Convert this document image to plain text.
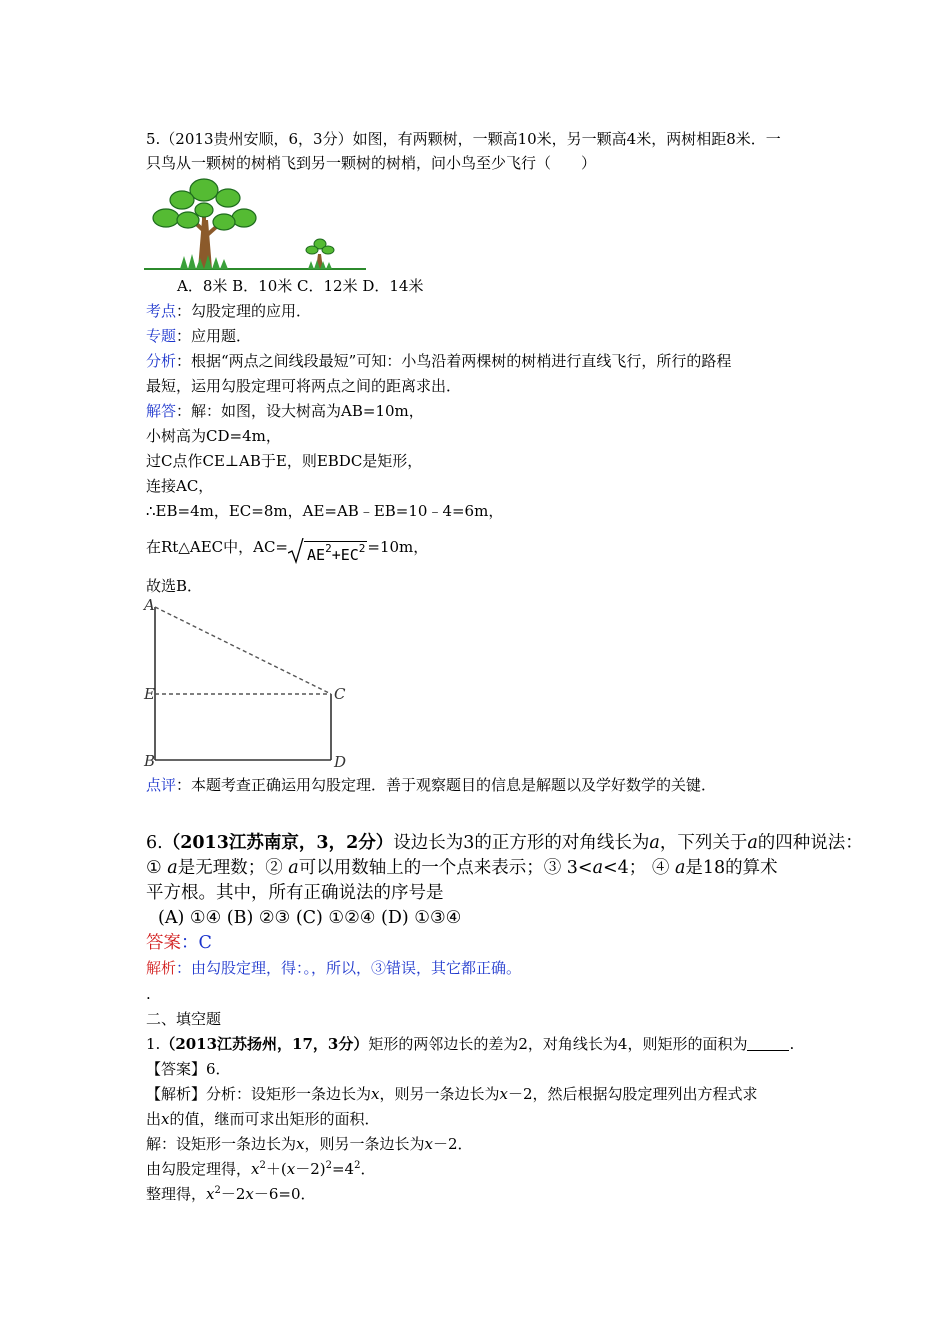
5.（2013贵州安顺，6，3分）如图，有两颗树，一颗高10米，另一颗高4米，两树相距8米．一
只鸟从一颗树的树梢飞到另一颗树的树梢，问小鸟至少飞行（　　）
A．8米 B．10米 C．12米 D．14米
考点：勾股定理的应用．
专题：应用题．
分析：根据“两点之间线段最短”可知：小鸟沿着两棵树的树梢进行直线飞行，所行的路程
最短，运用勾股定理可将两点之间的距离求出．
解答：解：如图，设大树高为AB=10m，
小树高为CD=4m，
过C点作CE⊥AB于E，则EBDC是矩形，
连接AC，
∴EB=4m，EC=8m，AE=AB﹣EB=10﹣4=6m，
在Rt△AEC中，$AC= AE^2+EC^2 =10m$，
故选B．
A
E
B
C
D
点评：本题考查正确运用勾股定理．善于观察题目的信息是解题以及学好数学的关键．
6.（2013江苏南京，3，2分）设边长为3的正方形的对角线长为a，下列关于a的四种说法：
① a是无理数；② a可以用数轴上的一个点来表示；③ 3<a<4； ④ a是18的算术
平方根。其中，所有正确说法的序号是
(A) ①④ (B) ②③ (C) ①②④ (D) ①③④
答案：C
解析：由勾股定理，得：。，所以，③错误，其它都正确。
.
二、填空题
1.（2013江苏扬州，17，3分）矩形的两邻边长的差为2，对角线长为4，则矩形的面积为	.
【答案】6．
【解析】分析：设矩形一条边长为x，则另一条边长为x－2，然后根据勾股定理列出方程式求
出x的值，继而可求出矩形的面积．
解：设矩形一条边长为x，则另一条边长为x－2．
由勾股定理得，$x^2+(x-2)^2=4^2$．
整理得，$x^2-2x-6=0$．
